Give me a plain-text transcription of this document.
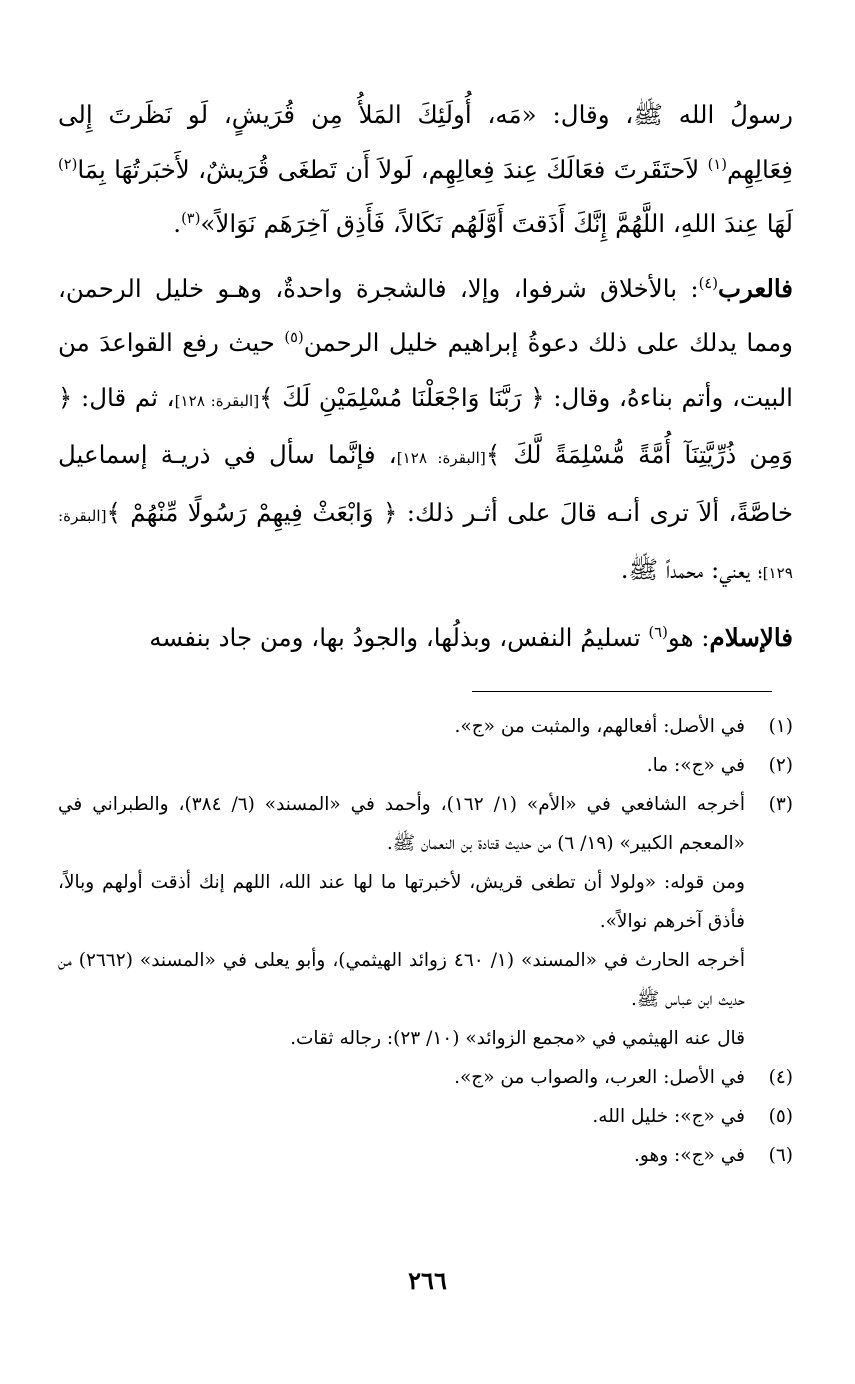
رسولُ الله ﷺ، وقال: «مَه، أُولَئِكَ المَلأُ مِن قُرَيشٍ، لَو نَظَرتَ إِلى فِعَالِهِم$^{(١)}$ لاَحتَقَرتَ فعَالَكَ عِندَ فِعالِهِم، لَولاَ أَن تَطغَى قُرَيشٌ، لأَخبَرتُهَا بِمَا$^{(٢)}$ لَهَا عِندَ اللهِ، اللَّهُمَّ إِنَّكَ أَذَقتَ أَوَّلَهُم نَكَالاً، فَأَذِق آخِرَهَم نَوَالاً»$^{(٣)}$.

فالعرب$^{(٤)}$: بالأخلاق شرفوا، وإلا، فالشجرة واحدةٌ، وهـو خليل الرحمن، ومما يدلك على ذلك دعوةُ إبراهيم خليل الرحمن$^{(٥)}$ حيث رفع القواعدَ من البيت، وأتم بناءهُ، وقال: ﴿ رَبَّنَا وَاجْعَلْنَا مُسْلِمَيْنِ لَكَ ﴾[البقرة: ١٢٨]، ثم قال: ﴿ وَمِن ذُرِّيَّتِنَآ أُمَّةً مُّسْلِمَةً لَّكَ ﴾[البقرة: ١٢٨]، فإنَّما سأل في ذريـة إسماعيل خاصَّةً، ألاَ ترى أنـه قالَ على أثـر ذلك: ﴿ وَابْعَثْ فِيهِمْ رَسُولًا مِّنْهُمْ ﴾[البقرة: ١٢٩]؛ يعني: محمداً ﷺ.

فالإسلام: هو$^{(٦)}$ تسليمُ النفس، وبذلُها، والجودُ بها، ومن جاد بنفسه

(١)
في الأصل: أفعالهم، والمثبت من «ج».
(٢)
في «ج»: ما.
(٣)
أخرجه الشافعي في «الأم» (١/ ١٦٢)، وأحمد في «المسند» (٦/ ٣٨٤)، والطبراني في «المعجم الكبير» (١٩/ ٦) من حديث قتادة بن النعمان ﷺ.
ومن قوله: «ولولا أن تطغى قريش، لأخبرتها ما لها عند الله، اللهم إنك أذقت أولهم وبالاً، فأذق آخرهم نوالاً».
أخرجه الحارث في «المسند» (١/ ٤٦٠ زوائد الهيثمي)، وأبو يعلى في «المسند» (٢٦٦٢) من حديث ابن عباس ﷺ.
قال عنه الهيثمي في «مجمع الزوائد» (١٠/ ٢٣): رجاله ثقات.
(٤)
في الأصل: العرب، والصواب من «ج».
(٥)
في «ج»: خليل الله.
(٦)
في «ج»: وهو.
٢٦٦
